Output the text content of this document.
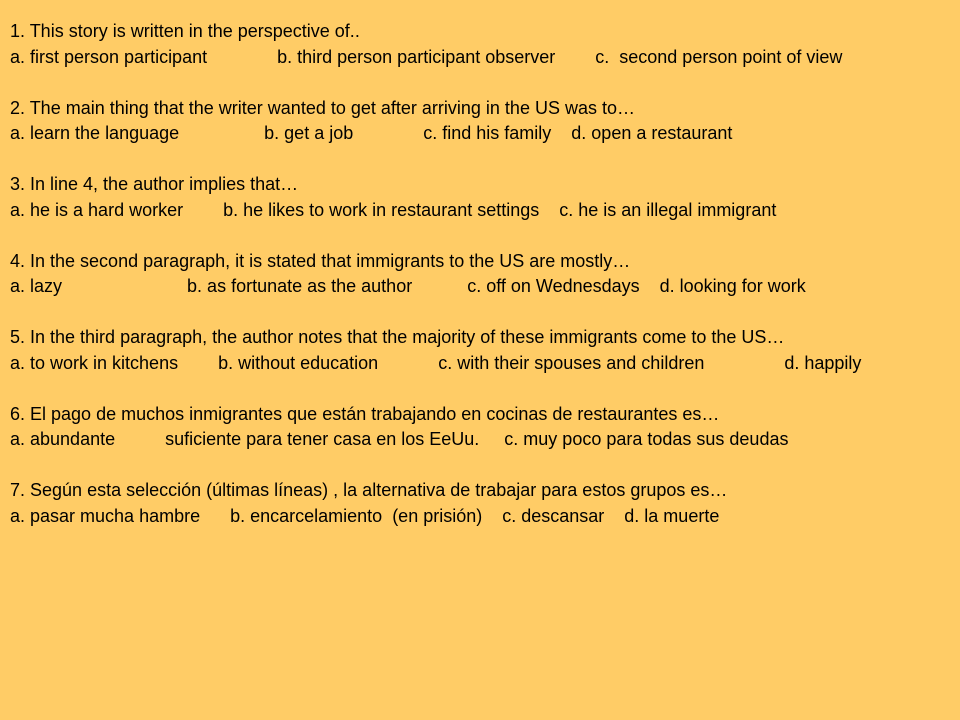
1. This story is written in the perspective of..

a. first person participant              b. third person participant observer        c.  second person point of view

2. The main thing that the writer wanted to get after arriving in the US was to…

a. learn the language                 b. get a job              c. find his family    d. open a restaurant

3. In line 4, the author implies that…

a. he is a hard worker        b. he likes to work in restaurant settings    c. he is an illegal immigrant

4. In the second paragraph, it is stated that immigrants to the US are mostly…

a. lazy                         b. as fortunate as the author           c. off on Wednesdays    d. looking for work

5. In the third paragraph, the author notes that the majority of these immigrants come to the US…

a. to work in kitchens        b. without education            c. with their spouses and children                d. happily

6. El pago de muchos inmigrantes que están trabajando en cocinas de restaurantes es…

a. abundante          suficiente para tener casa en los EeUu.     c. muy poco para todas sus deudas

7. Según esta selección (últimas líneas) , la alternativa de trabajar para estos grupos es…

a. pasar mucha hambre      b. encarcelamiento  (en prisión)    c. descansar    d. la muerte
